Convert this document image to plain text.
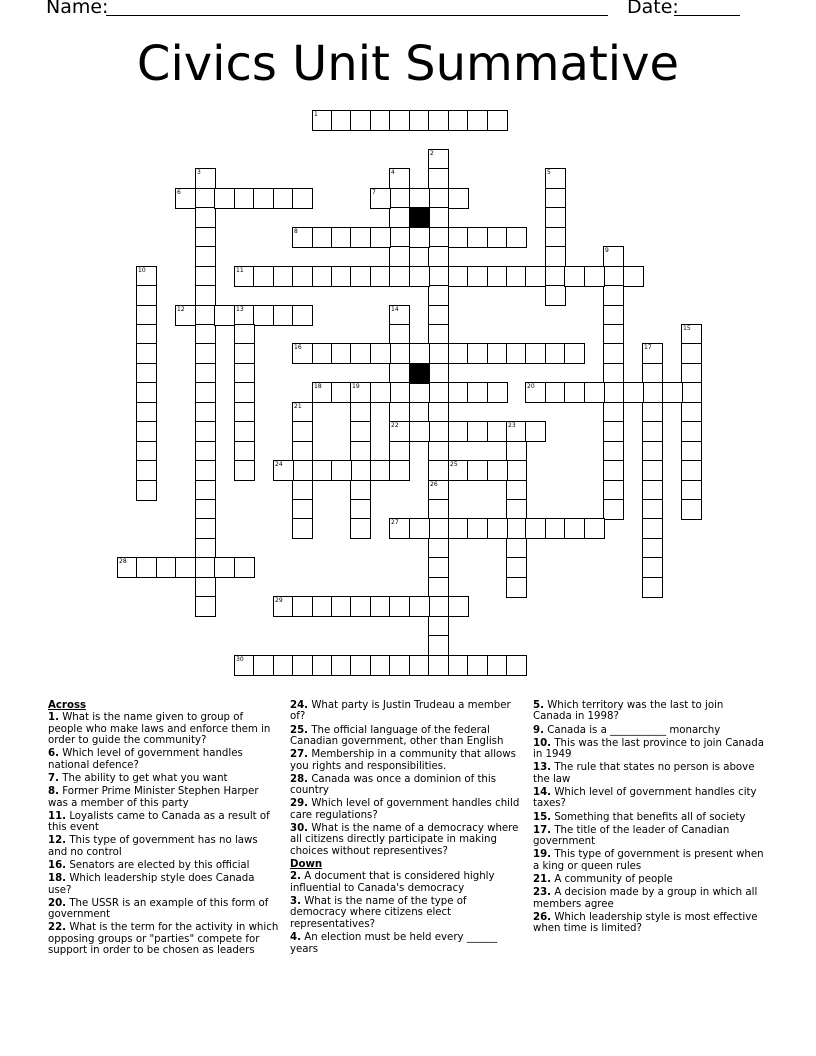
Name:	Date:
Civics Unit Summative
1
2
26
3	4	5
6	7
8
9
10	11
12	13	14
22
15
16	17
18	19	20
21
23
24	25
27
28
29
30
Across
1. What is the name given to group of people who make laws and enforce them in order to guide the community?
6. Which level of government handles national defence?
7. The ability to get what you want
8. Former Prime Minister Stephen Harper was a member of this party
11. Loyalists came to Canada as a result of this event
12. This type of government has no laws and no control
16. Senators are elected by this official
18. Which leadership style does Canada use?
20. The USSR is an example of this form of government
22. What is the term for the activity in which opposing groups or "parties" compete for support in order to be chosen as leaders
24. What party is Justin Trudeau a member of?
25. The official language of the federal Canadian government, other than English
27. Membership in a community that allows you rights and responsibilities.
28. Canada was once a dominion of this country
29. Which level of government handles child care regulations?
30. What is the name of a democracy where all citizens directly participate in making choices without representives?
Down
2. A document that is considered highly influential to Canada's democracy
3. What is the name of the type of democracy where citizens elect representatives?
4. An election must be held every ______ years
5. Which territory was the last to join Canada in 1998?
9. Canada is a ___________ monarchy
10. This was the last province to join Canada in 1949
13. The rule that states no person is above the law
14. Which level of government handles city taxes?
15. Something that benefits all of society
17. The title of the leader of Canadian government
19. This type of government is present when a king or queen rules
21. A community of people
23. A decision made by a group in which all members agree
26. Which leadership style is most effective when time is limited?
